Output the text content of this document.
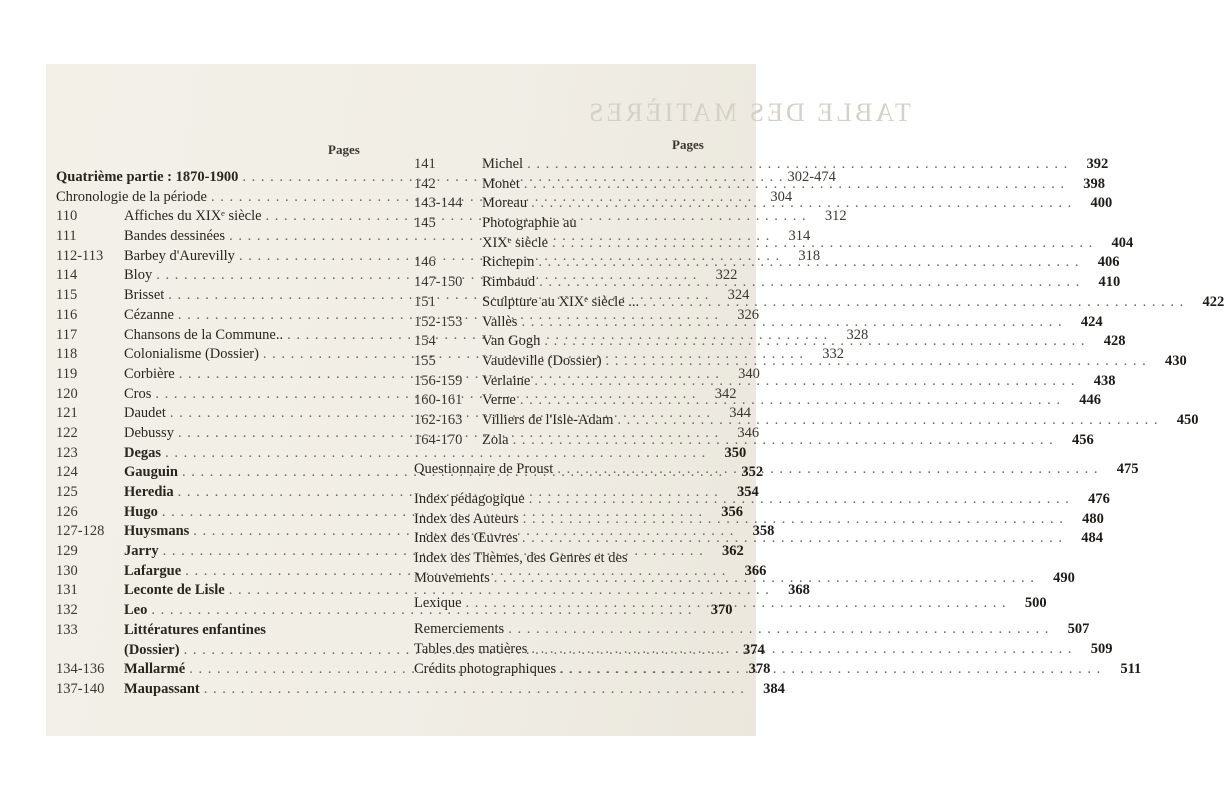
TABLE DES MATIÈRES
Pages	Pages
Quatrième partie : 1870-1900 . . .	302-474
Chronologie de la période . . .	304
110	Affiches du XIXᵉ siècle . . .	312
111	Bandes dessinées . . .	314
112-113	Barbey d'Aurevilly . . .	318
114	Bloy . . .	322
115	Brisset . . .	324
116	Cézanne . . .	326
117	Chansons de la Commune.. . . .	328
118	Colonialisme (Dossier) . . .	332
119	Corbière . . .	340
120	Cros . . .	342
121	Daudet . . .	344
122	Debussy . . .	346
123	Degas . . .	350
124	Gauguin . . .	352
125	Heredia . . .	354
126	Hugo . . .	356
127-128	Huysmans . . .	358
129	Jarry . . .	362
130	Lafargue . . .	366
131	Leconte de Lisle . . .	368
132	Leo . . .	370
133	Littératures enfantines
(Dossier) . . .	374
134-136	Mallarmé . . .	378
137-140	Maupassant . . .	384
141	Michel . . .	392
142	Monet . . .	398
143-144	Moreau . . .	400
145	Photographie au
XIXᵉ siècle . . .	404
146	Richepin . . .	406
147-150	Rimbaud . . .	410
151	Sculpture au XIXᵉ siècle ... . . .	422
152-153	Vallès . . .	424
154	Van Gogh . . .	428
155	Vaudeville (Dossier) . . .	430
156-159	Verlaine . . .	438
160-161	Verne . . .	446
162-163	Villiers de l'Isle-Adam . . .	450
164-170	Zola . . .	456
Questionnaire de Proust . . .	475
Index pédagogique . . .	476
Index des Auteurs . . .	480
Index des Œuvres . . .	484
Index des Thèmes, des Genres et des
Mouvements . . .	490
Lexique . . .	500
Remerciements . . .	507
Tables des matières . . .	509
Crédits photographiques . . .	511
